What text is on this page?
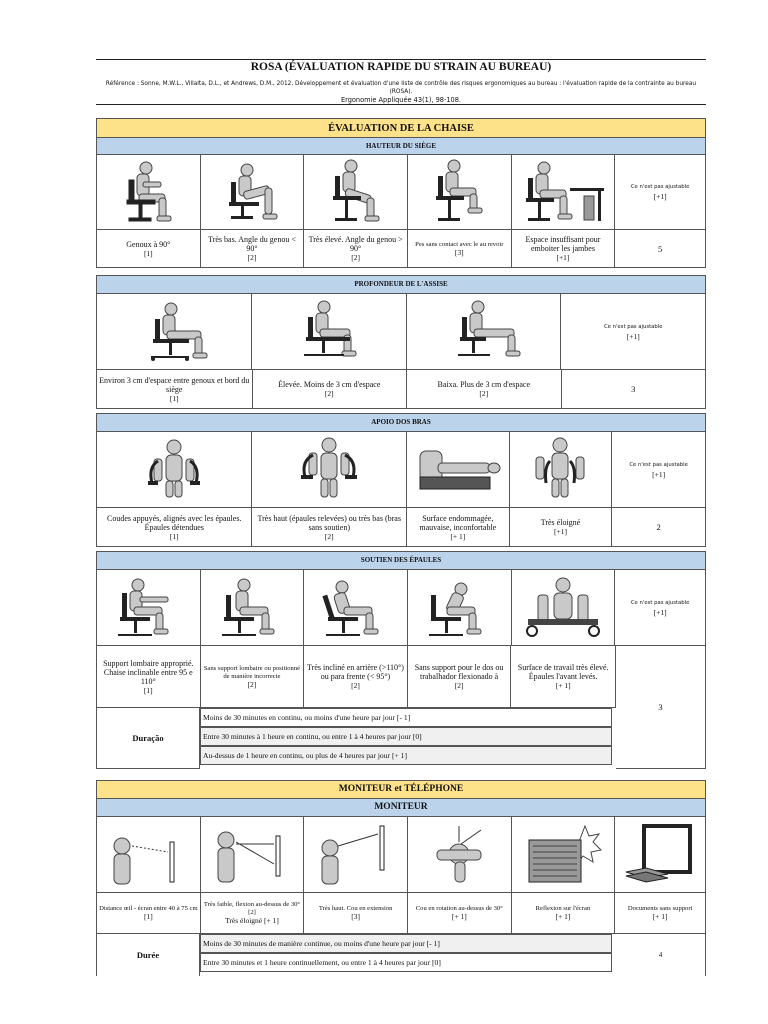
ROSA (ÉVALUATION RAPIDE DU STRAIN AU BUREAU)
Référence : Sonne, M.W.L., Villalta, D.L., et Andrews, D.M., 2012. Développement et évaluation d'une liste de contrôle des risques ergonomiques au bureau : l'évaluation rapide de la contrainte au bureau (ROSA).
Ergonomie Appliquée 43(1), 98-108.
ÉVALUATION DE LA CHAISE
HAUTEUR DU SIÈGE
Ce n'est pas ajustable
[+1]
Genoux à 90°
[1]
Très bas. Angle du genou < 90°
[2]
Très élevé. Angle du genou > 90°
[2]
Pes sans contact avec le au revoir
[3]
Espace insuffisant pour emboiter les jambes
[+1]
5
PROFONDEUR DE L'ASSISE
Ce n'est pas ajustable
[+1]
Environ 3 cm d'espace entre genoux et bord du siège
[1]
Élevée. Moins de 3 cm d'espace
[2]
Baixa. Plus de 3 cm d'espace
[2]	3
APOIO DOS BRAS
Ce n'est pas ajustable
[+1]
Coudes appuyés, alignés avec les épaules. Épaules détendues
[1]
Très haut (épaules relevées) ou très bas (bras sans soutien)
[2]
Surface endommagée, mauvaise, inconfortable
[+ 1]
Très éloigné
[+1]	2
SOUTIEN DES ÉPAULES
Ce n'est pas ajustable
[+1]
Support lombaire approprié. Chaise inclinable entre 95 e 110°
[1]
Sans support lombaire ou positionné de manière incorrecte
[2]
Très incliné en arrière (>110°) ou para frente (< 95°)
[2]
Sans support pour le dos ou trabalhador flexionado à
[2]
Surface de travail très élevé. Épaules l'avant levés.
[+ 1]
Duração
Moins de 30 minutes en continu, ou moins d'une heure par jour [- 1]
Entre 30 minutes à 1 heure en continu, ou entre 1 à 4 heures par jour [0]
Au-dessus de 1 heure en continu, ou plus de 4 heures par jour [+ 1]
3
MONITEUR et TÉLÉPHONE
MONITEUR
Distance œil - écran entre 40 à 75 cm
[1]
Très faible, flexion au-dessus de 30° [2]
Très éloigné [+ 1]
Très haut. Cou en extension
[3]
Cou en rotation au-dessus de 30°
[+ 1]
Reflexion sur l'écran
[+ 1]
Documents sans support
[+ 1]
Durée
Moins de 30 minutes de manière continue, ou moins d'une heure par jour [- 1]
Entre 30 minutes et 1 heure continuellement, ou entre 1 à 4 heures par jour [0]
4
